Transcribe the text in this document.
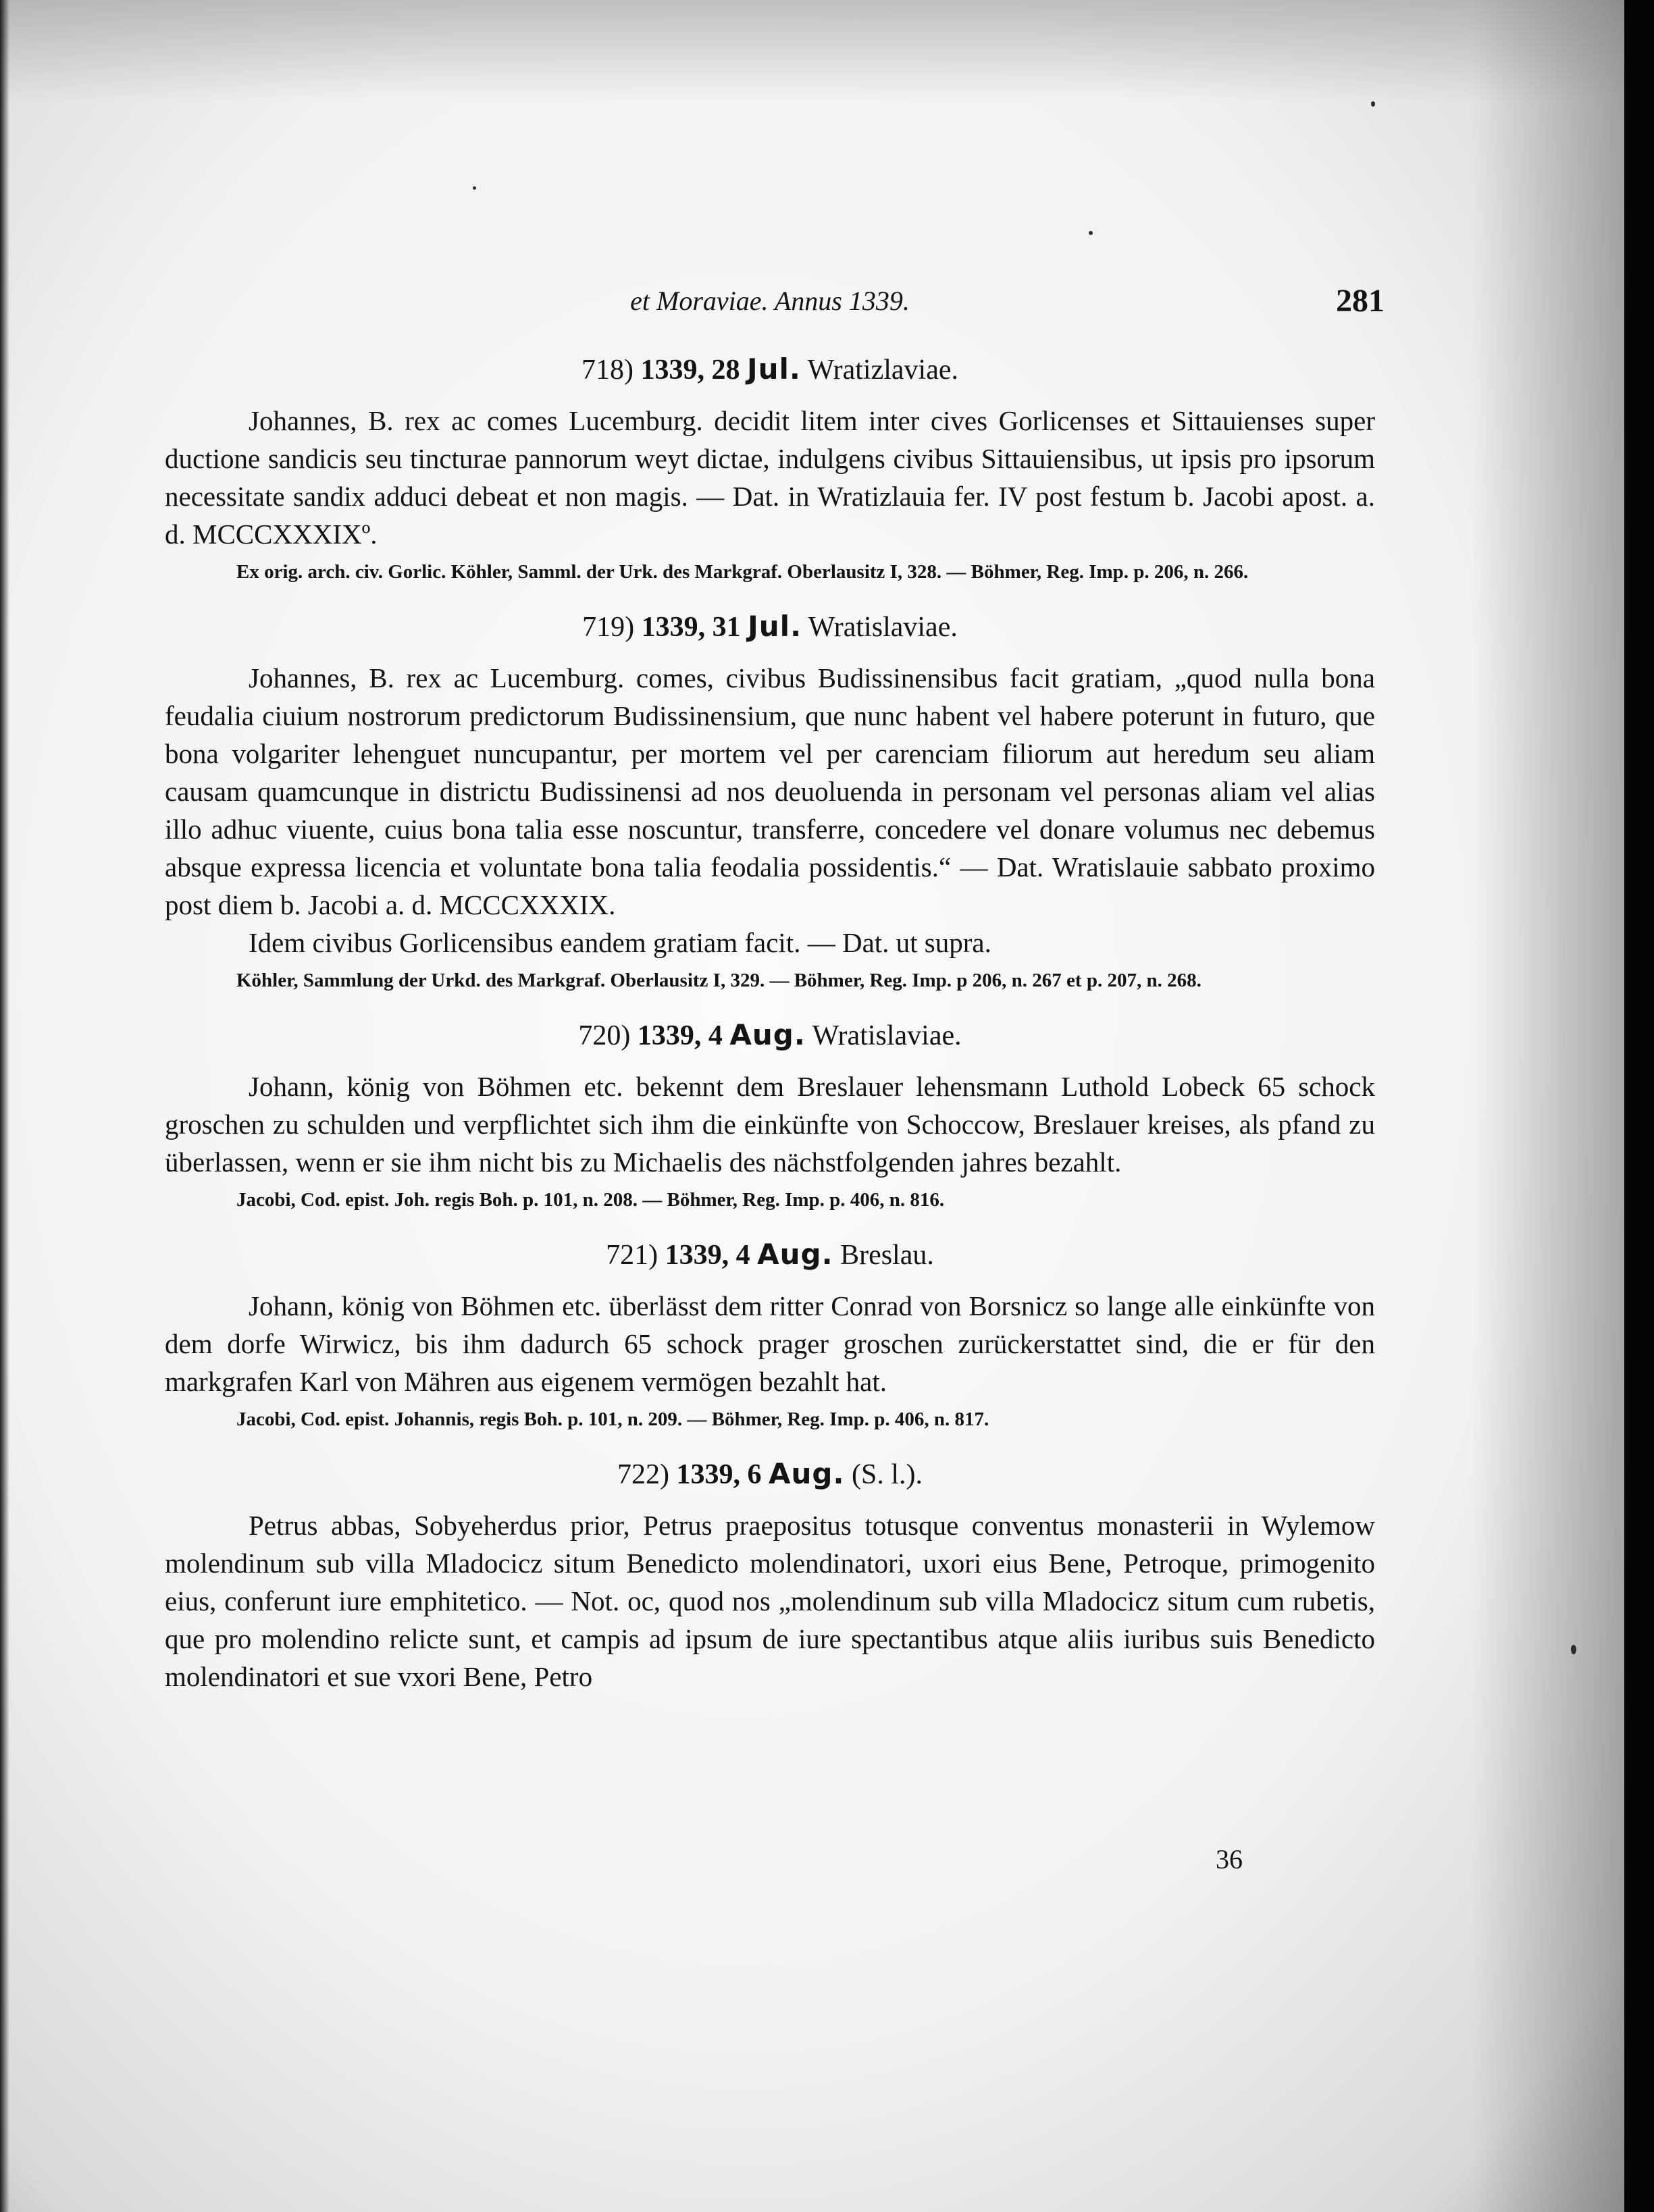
et Moraviae. Annus 1339.	281
718) 1339, 28 Jul. Wratizlaviae.

Johannes, B. rex ac comes Lucemburg. decidit litem inter cives Gorlicenses et Sittauienses super ductione sandicis seu tincturae pannorum weyt dictae, indulgens civibus Sittauiensibus, ut ipsis pro ipsorum necessitate sandix adduci debeat et non magis. — Dat. in Wratizlauia fer. IV post festum b. Jacobi apost. a. d. MCCCXXXIXº.

Ex orig. arch. civ. Gorlic. Köhler, Samml. der Urk. des Markgraf. Oberlausitz I, 328. — Böhmer, Reg. Imp. p. 206, n. 266.

719) 1339, 31 Jul. Wratislaviae.

Johannes, B. rex ac Lucemburg. comes, civibus Budissinensibus facit gratiam, „quod nulla bona feudalia ciuium nostrorum predictorum Budissinensium, que nunc habent vel habere poterunt in futuro, que bona volgariter lehenguet nuncupantur, per mortem vel per carenciam filiorum aut heredum seu aliam causam quamcunque in districtu Budissinensi ad nos deuoluenda in personam vel personas aliam vel alias illo adhuc viuente, cuius bona talia esse noscuntur, transferre, concedere vel donare volumus nec debemus absque expressa licencia et voluntate bona talia feodalia possidentis.“ — Dat. Wratislauie sabbato proximo post diem b. Jacobi a. d. MCCCXXXIX.

Idem civibus Gorlicensibus eandem gratiam facit. — Dat. ut supra.

Köhler, Sammlung der Urkd. des Markgraf. Oberlausitz I, 329. — Böhmer, Reg. Imp. p 206, n. 267 et p. 207, n. 268.

720) 1339, 4 Aug. Wratislaviae.

Johann, könig von Böhmen etc. bekennt dem Breslauer lehensmann Luthold Lobeck 65 schock groschen zu schulden und verpflichtet sich ihm die einkünfte von Schoccow, Breslauer kreises, als pfand zu überlassen, wenn er sie ihm nicht bis zu Michaelis des nächstfolgenden jahres bezahlt.

Jacobi, Cod. epist. Joh. regis Boh. p. 101, n. 208. — Böhmer, Reg. Imp. p. 406, n. 816.

721) 1339, 4 Aug. Breslau.

Johann, könig von Böhmen etc. überlässt dem ritter Conrad von Borsnicz so lange alle einkünfte von dem dorfe Wirwicz, bis ihm dadurch 65 schock prager groschen zurückerstattet sind, die er für den markgrafen Karl von Mähren aus eigenem vermögen bezahlt hat.

Jacobi, Cod. epist. Johannis, regis Boh. p. 101, n. 209. — Böhmer, Reg. Imp. p. 406, n. 817.

722) 1339, 6 Aug. (S. l.).

Petrus abbas, Sobyeherdus prior, Petrus praepositus totusque conventus monasterii in Wylemow molendinum sub villa Mladocicz situm Benedicto molendinatori, uxori eius Bene, Petroque, primogenito eius, conferunt iure emphitetico. — Not. oc, quod nos „molendinum sub villa Mladocicz situm cum rubetis, que pro molendino relicte sunt, et campis ad ipsum de iure spectantibus atque aliis iuribus suis Benedicto molendinatori et sue vxori Bene, Petro

36
